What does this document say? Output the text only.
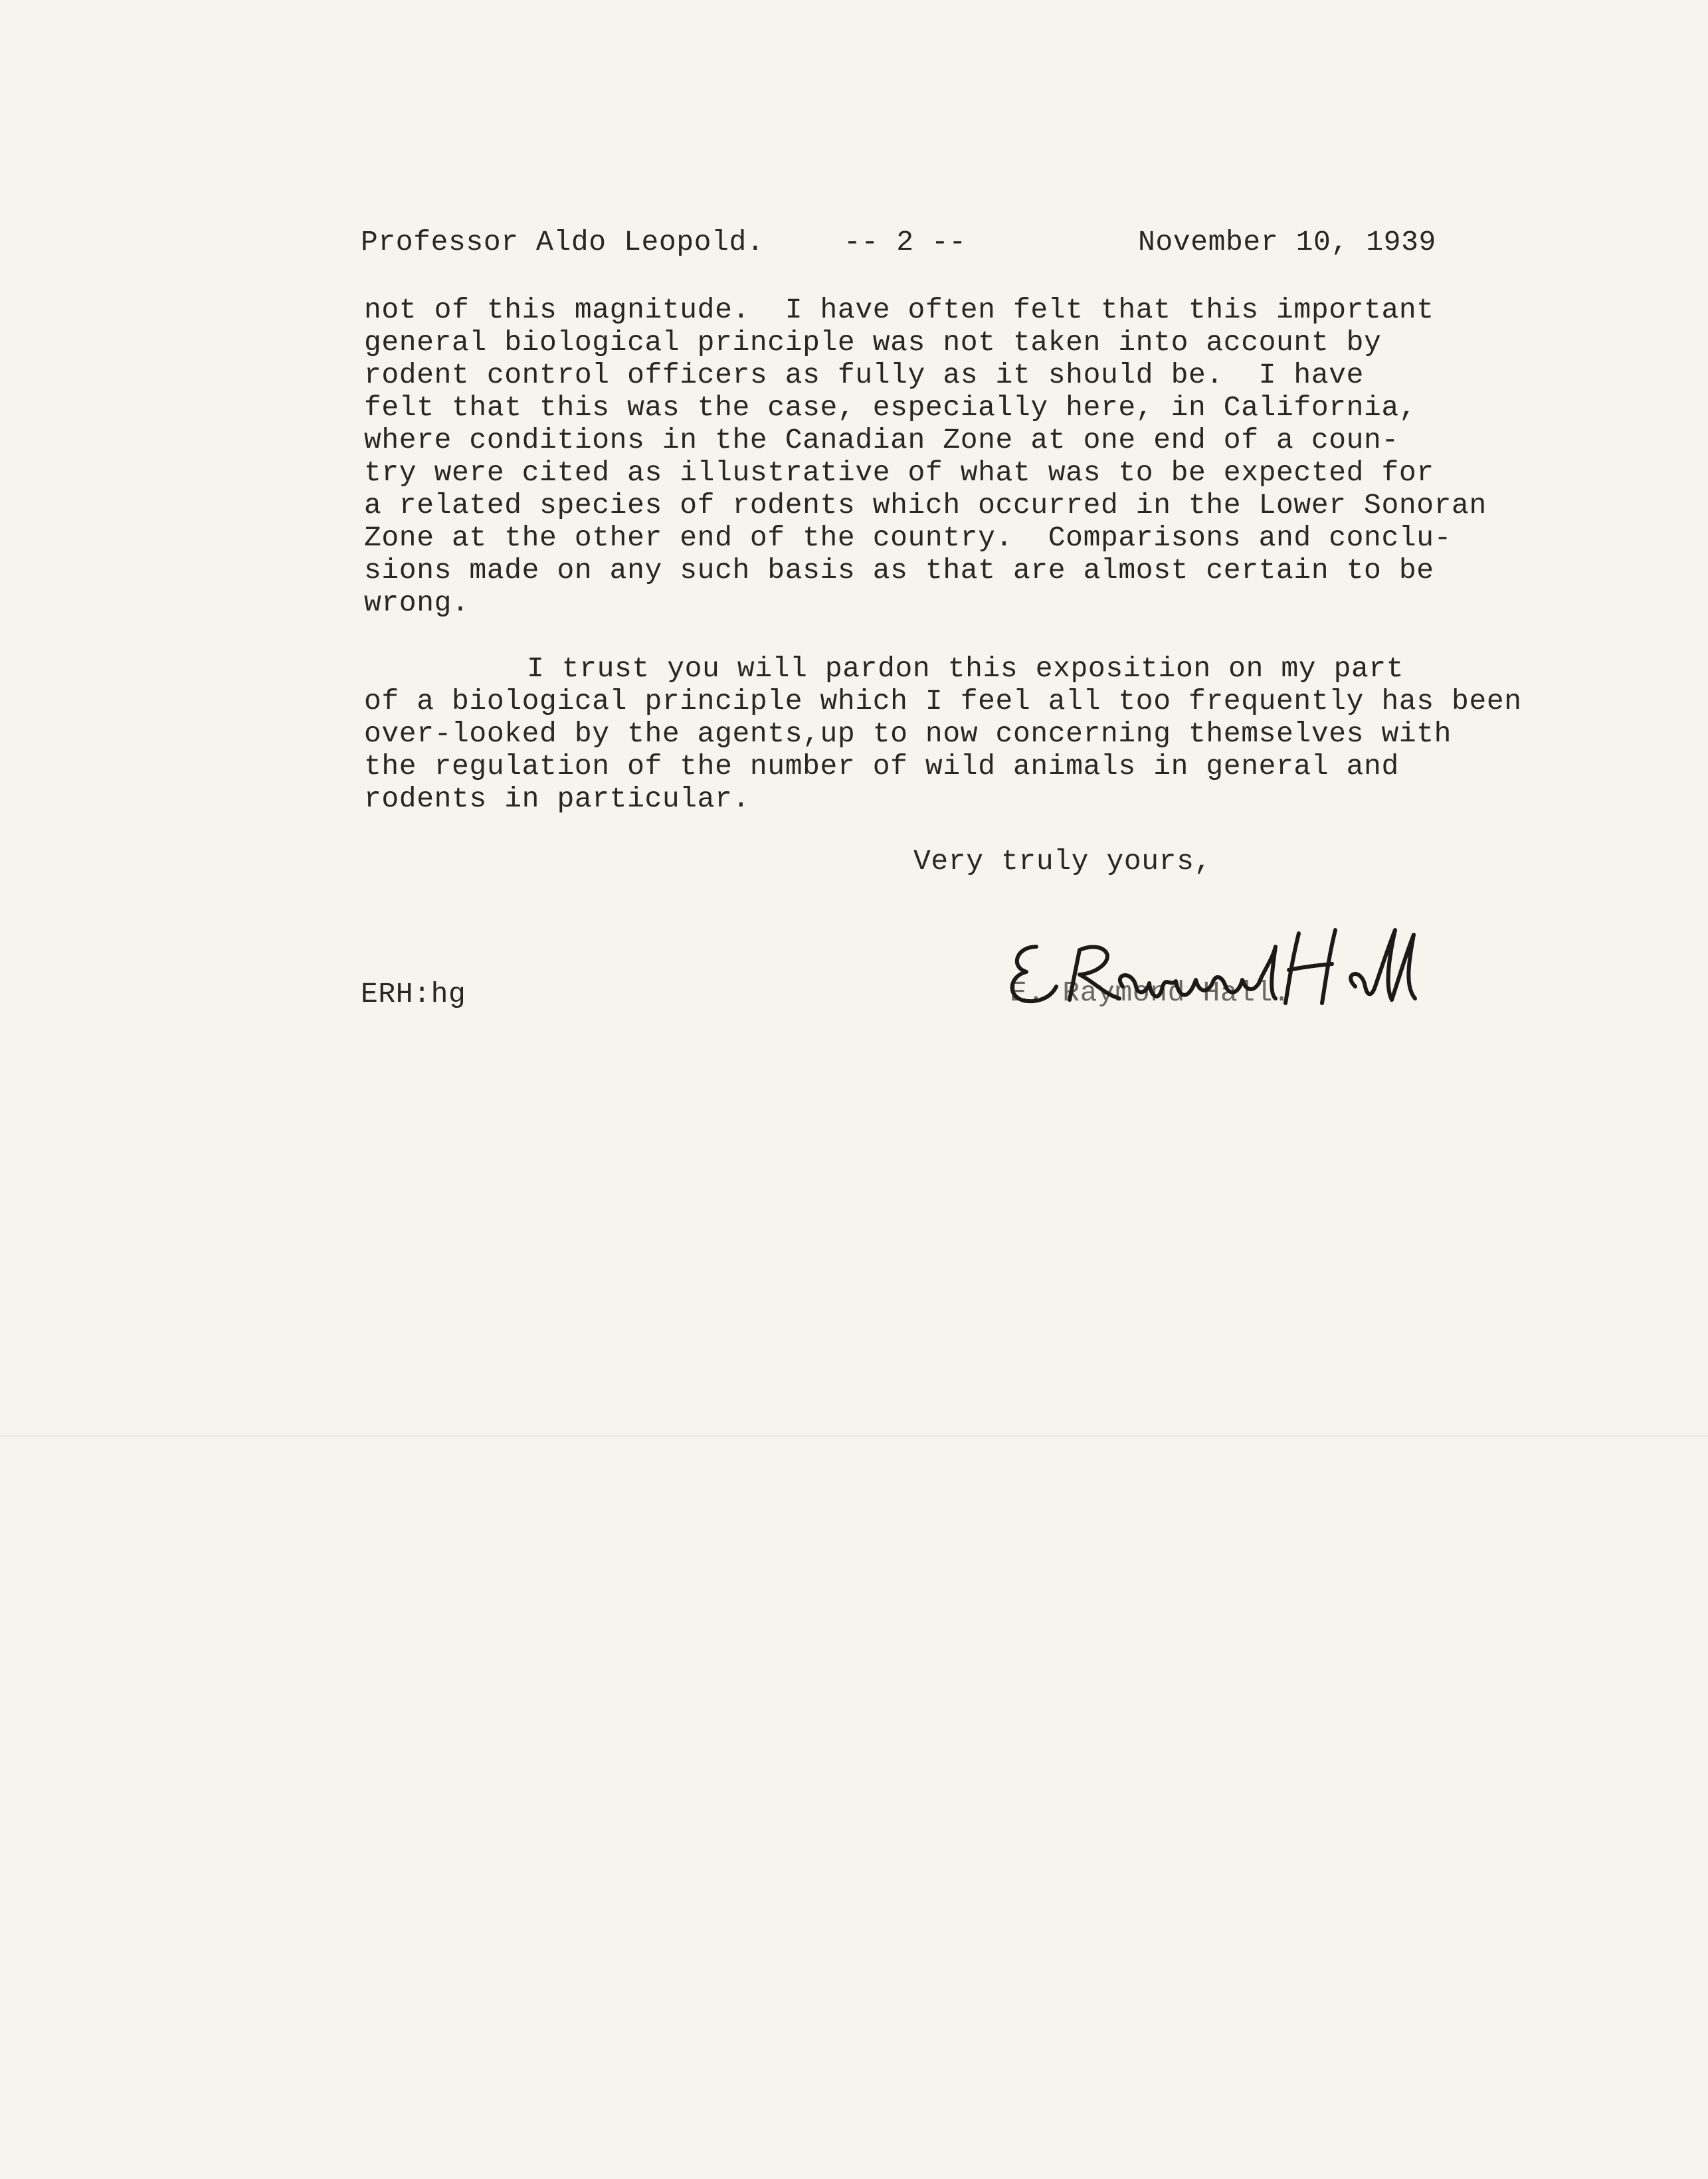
Professor Aldo Leopold.	-- 2 --	November 10, 1939
not of this magnitude.  I have often felt that this important
general biological principle was not taken into account by
rodent control officers as fully as it should be.  I have
felt that this was the case, especially here, in California,
where conditions in the Canadian Zone at one end of a coun-
try were cited as illustrative of what was to be expected for
a related species of rodents which occurred in the Lower Sonoran
Zone at the other end of the country.  Comparisons and conclu-
sions made on any such basis as that are almost certain to be
wrong.
I trust you will pardon this exposition on my part
of a biological principle which I feel all too frequently has been
over-looked by the agents,up to now concerning themselves with
the regulation of the number of wild animals in general and
rodents in particular.
Very truly yours,
ERH:hg	E. Raymond Hall.
